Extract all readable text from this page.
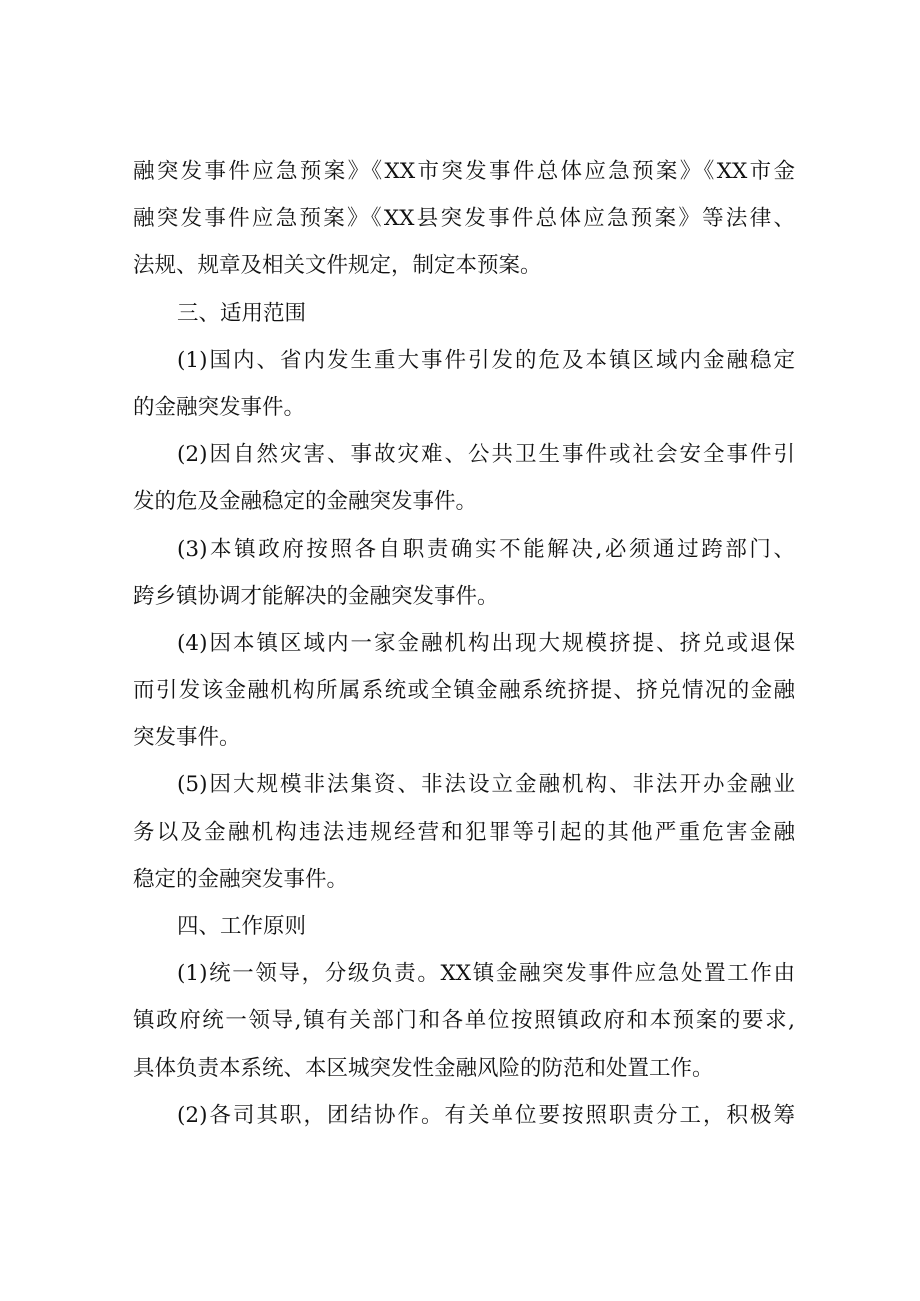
融突发事件应急预案》《XX市突发事件总体应急预案》《XX市金
融突发事件应急预案》《XX县突发事件总体应急预案》等法律、
法规、规章及相关文件规定，制定本预案。
三、适用范围
(1)国内、省内发生重大事件引发的危及本镇区域内金融稳定
的金融突发事件。
(2)因自然灾害、事故灾难、公共卫生事件或社会安全事件引
发的危及金融稳定的金融突发事件。
(3)本镇政府按照各自职责确实不能解决,必须通过跨部门、
跨乡镇协调才能解决的金融突发事件。
(4)因本镇区域内一家金融机构出现大规模挤提、挤兑或退保
而引发该金融机构所属系统或全镇金融系统挤提、挤兑情况的金融
突发事件。
(5)因大规模非法集资、非法设立金融机构、非法开办金融业
务以及金融机构违法违规经营和犯罪等引起的其他严重危害金融
稳定的金融突发事件。
四、工作原则
(1)统一领导，分级负责。XX镇金融突发事件应急处置工作由
镇政府统一领导,镇有关部门和各单位按照镇政府和本预案的要求,
具体负责本系统、本区城突发性金融风险的防范和处置工作。
(2)各司其职，团结协作。有关单位要按照职责分工，积极筹
